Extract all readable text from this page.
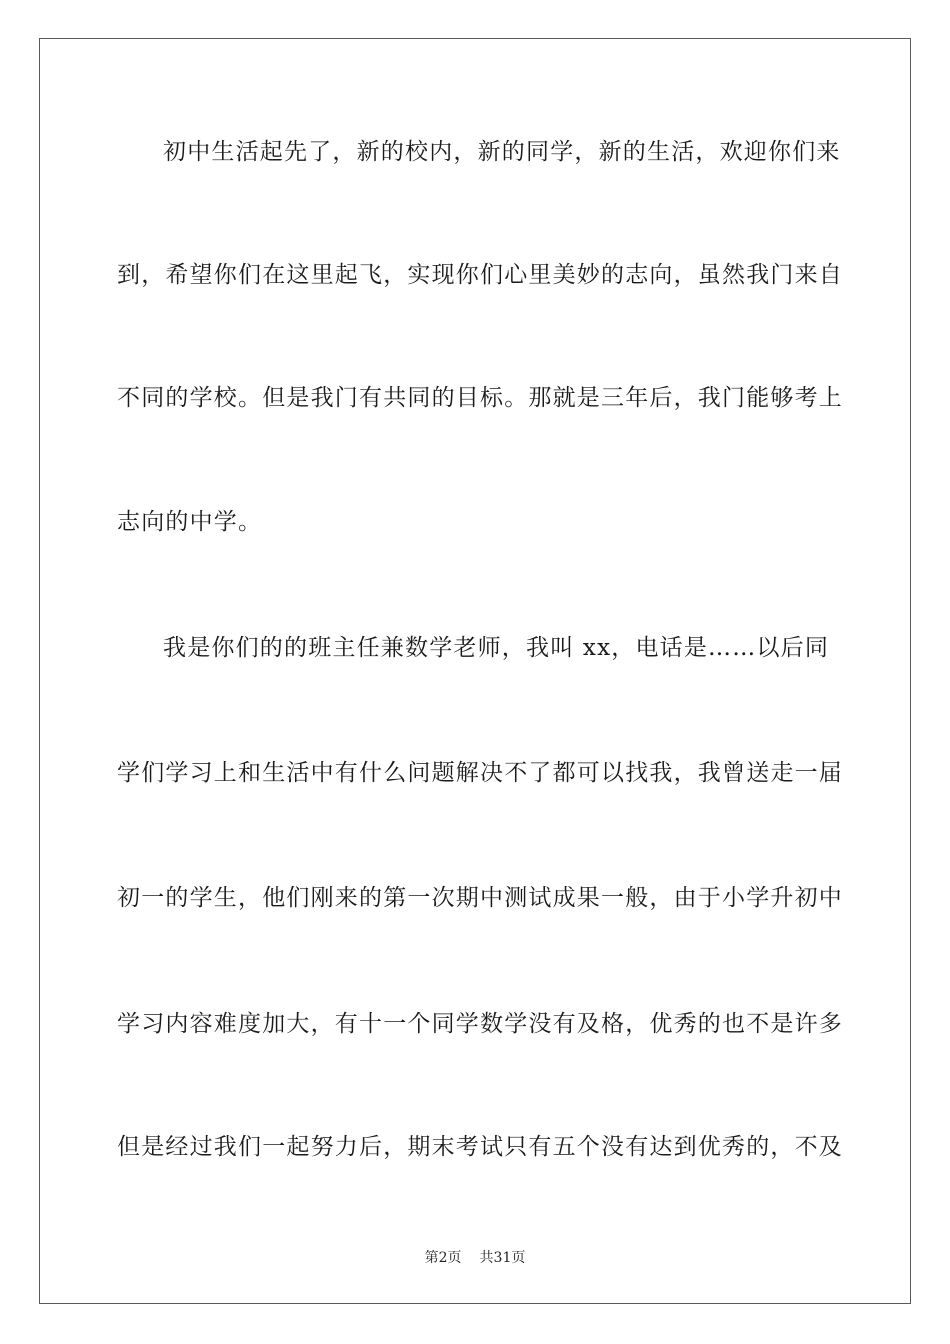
初中生活起先了，新的校内，新的同学，新的生活，欢迎你们来
到，希望你们在这里起飞，实现你们心里美妙的志向，虽然我门来自
不同的学校。但是我门有共同的目标。那就是三年后，我门能够考上
志向的中学。
我是你们的的班主任兼数学老师，我叫 xx，电话是……以后同
学们学习上和生活中有什么问题解决不了都可以找我，我曾送走一届
初一的学生，他们刚来的第一次期中测试成果一般，由于小学升初中
学习内容难度加大，有十一个同学数学没有及格，优秀的也不是许多
但是经过我们一起努力后，期末考试只有五个没有达到优秀的，不及
第2页 共31页
